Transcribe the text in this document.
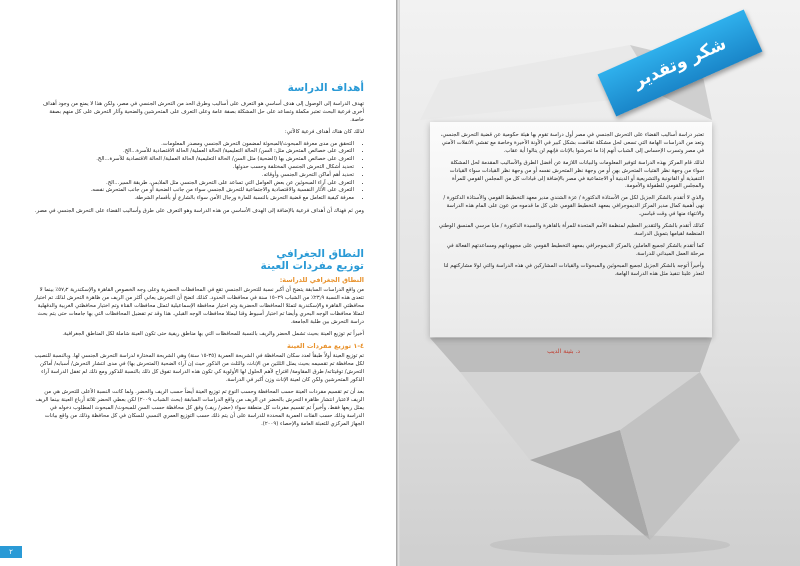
أهداف الدراسة

تهدف الدراسة إلى الوصول إلى هدف أساسي هو التعرف على أساليب وطرق الحد من التحرش الجنسي في مصر، ولكن هذا لا يمنع من وجود أهداف أخرى فرعية البحث تعتبر مكملة وتساعد على حل المشكلة بصفة عامة وعلى التعرف على المتحرشين والضحية وآثار التحرش على كل منهم بصفة خاصة.

لذلك كان هناك أهداف فرعية كالآتي:

• التحقق من مدى معرفة المبحوث/المبحوثة لمضمون التحرش الجنسي ومصدر المعلومات.
• التعرف على خصائص المتحرش مثل: السن/ الحالة التعليمية/ الحالة العملية/ الحالة الاقتصادية للأسرة...الخ.
• التعرف على خصائص المتحرش بها (الضحية) مثل السن/ الحالة التعليمية/ الحالة العملية/ الحالة الاقتصادية للأسرة...الخ.
• تحديد أشكال التحرش الجنسي المختلفة وحسب حدوثها.
• تحديد أهم أماكن التحرش الجنسي وأوقاته.
• التعرف على آراء المبحوثين عن بعض العوامل التي تساعد على التحرش الجنسي مثل الملابس، طريقة السير...الخ.
• التعرف على الآثار النفسية والاقتصادية والاجتماعية للتحرش الجنسي سواء من جانب الضحية أو من جانب المتحرش نفسه.
• معرفة كيفية التعامل مع قضية التحرش بالنسبة للمارة ورجال الأمن سواء بالشارع أو بأقسام الشرطة.

ومن ثم فهناك أن أهداف فرعية بالإضافة إلى الهدف الأساسي من هذه الدراسة وهو التعرف على طرق وأساليب القضاء على التحرش الجنسي في مصر.

النطاق الجغرافي
توزيع مفردات العينة
النطاق الجغرافي للدراسة:

من واقع الدراسات السابقة يتضح أن أكبر نسبة للتحرش الجنسي تقع في المحافظات الحضرية وعلى وجه الخصوص القاهرة والإسكندرية ٥٧٫٢٪ بينما لا تتعدى هذه النسبة ٢٣٫٩٪ من الشباب ٢٩–١٥ سنة في محافظات الحدود. كذلك اتضح أن التحرش يعاني أكثر من الريف من ظاهرة التحرش لذلك تم اختيار محافظتي القاهرة والإسكندرية لتمثلا المحافظات الحضرية وتم اختيار محافظة الإسماعيلية لتمثل محافظات القناة وتم اختيار محافظتي الغربية والدقهلية لتمثلا محافظات الوجه البحري وأيضا تم اختيار أسيوط وقنا ليمثلا محافظات الوجه القبلي. هذا وقد تم تفضيل المحافظات التي بها جامعات حتى يتم بحث دراسة التحرش بين طلبة الجامعة.

أخيراً تم توزيع العينة بحيث تشمل الحضر والريف بالنسبة للمحافظات التي بها مناطق ريفية حتى تكون العينة شاملة لكل المناطق الجغرافية.

٤-١ توزيع مفردات العينة

تم توزيع العينة أولاً طبقاً لعدد سكان المحافظة في الشريحة العمرية (٣٥-١٥ سنة) وهي الشريحة المختارة لدراسة التحرش الجنسي لها. وبالنسبة للنصيب لكل محافظة تم تقسيمه بحيث يمثل الثلثين من الإناث، والثلث من الذكور حيث إن آراء الضحية (المتحرش بها) في مدى انتشار التحرش/ أسبابه/ أماكن التحرش/ توقيتاته/ طرق المقاومة/ اقتراح لأهم الحلول لها الأولوية كي تكون هذه الدراسة تفوق كل ذلك بالنسبة للذكور ومع ذلك لم تغفل الدراسة آراء الذكور المتحرشين ولكن كان لعينة الإناث وزن أكبر في الدراسة.

بعد أن تم تقسيم مفردات العينة حسب المحافظة وحسب النوع تم توزيع العينة أيضاً حسب الريف والحضر. ولما كانت النسبة الأعلى للتحرش هي من الريف لاعتبار انتشار ظاهرة التحرش بالحضر عن الريف من واقع الدراسات السابقة (بحث الشباب ٢٠٠٩) لكن بعطي الحضر ثلاثة أرباع العينة بينما الريف يمثل ربعها فقط، وأخيراً تم تقسيم مفردات كل منطقة سواء (حضر/ ريف) وفق كل محافظة حسب السن للمبحوث/ المبحوث المطلوب دخوله في الدراسة وذلك حسب الفئات العمرية المحددة للدراسة على أن يتم ذلك حسب التوزيع العمري النسبي للسكان في كل محافظة وذلك من واقع بيانات الجهاز المركزي للتعبئة العامة والإحصاء (٢٠٠٩).

٢
شكر وتقدير

تعتبر دراسة أساليب القضاء على التحرش الجنسي في مصر أول دراسة تقوم بها هيئة حكومية عن قضية التحرش الجنسي، وتعد من الدراسات الهامة التي تسعى لحل مشكلة تفاقمت بشكل كبير في الآونة الأخيرة وخاصة مع تفشي الانفلات الأمني في مصر وتسرب الإحساس إلى الشباب أنهم إذا ما تحرشوا بالإناث فإنهم لن ينالوا أية عقاب.

لذلك قام المركز بهذه الدراسة لتوفير المعلومات والبيانات اللازمة عن أفضل الطرق والأساليب المقدمة لحل المشكلة سواء من وجهة نظر الفتيات المتحرش بهن أو من وجهة نظر المتحرش نفسه أو من وجهة نظر القيادات سواء القيادات التنفيذية أو القانونية والتشريعية أو الدينية أو الاجتماعية في مصر بالإضافة إلى قيادات كل من المجلس القومي للمرأة والمجلس القومي للطفولة والأمومة.

والذي لا أتقدم بالشكر الجزيل لكل من الأستاذة الدكتورة / عزة الشندي مدير معهد التخطيط القومي والأستاذة الدكتورة / نهى أهمية كمال مدير المركز الديموجرافي بمعهد التخطيط القومي على كل ما قدموه من عون على المام هذه الدراسة والانتهاء منها في وقت قياسي.

كذلك أتقدم بالشكر والتقدير العظيم لمنظمة الأمم المتحدة للمرأة بالقاهرة والسيدة الدكتورة / مايا مرسي المنسق الوطني المنظمة لقيامها بتمويل الدراسة.

كما أتقدم بالشكر لجميع العاملين بالمركز الديموجرافي بمعهد التخطيط القومي على مجهوداتهم ومساعدتهم الفعالة في مرحلة العمل الميداني للدراسة.

وأخيراً أتوجه بالشكر الجزيل لجميع المبحوثين والمبحوثات والقيادات المشاركين في هذه الدراسة والتي لولا مشاركتهم لنا لتعذر علينا تنفيذ مثل هذه الدراسة الهامة.

د. بثينة الديب
